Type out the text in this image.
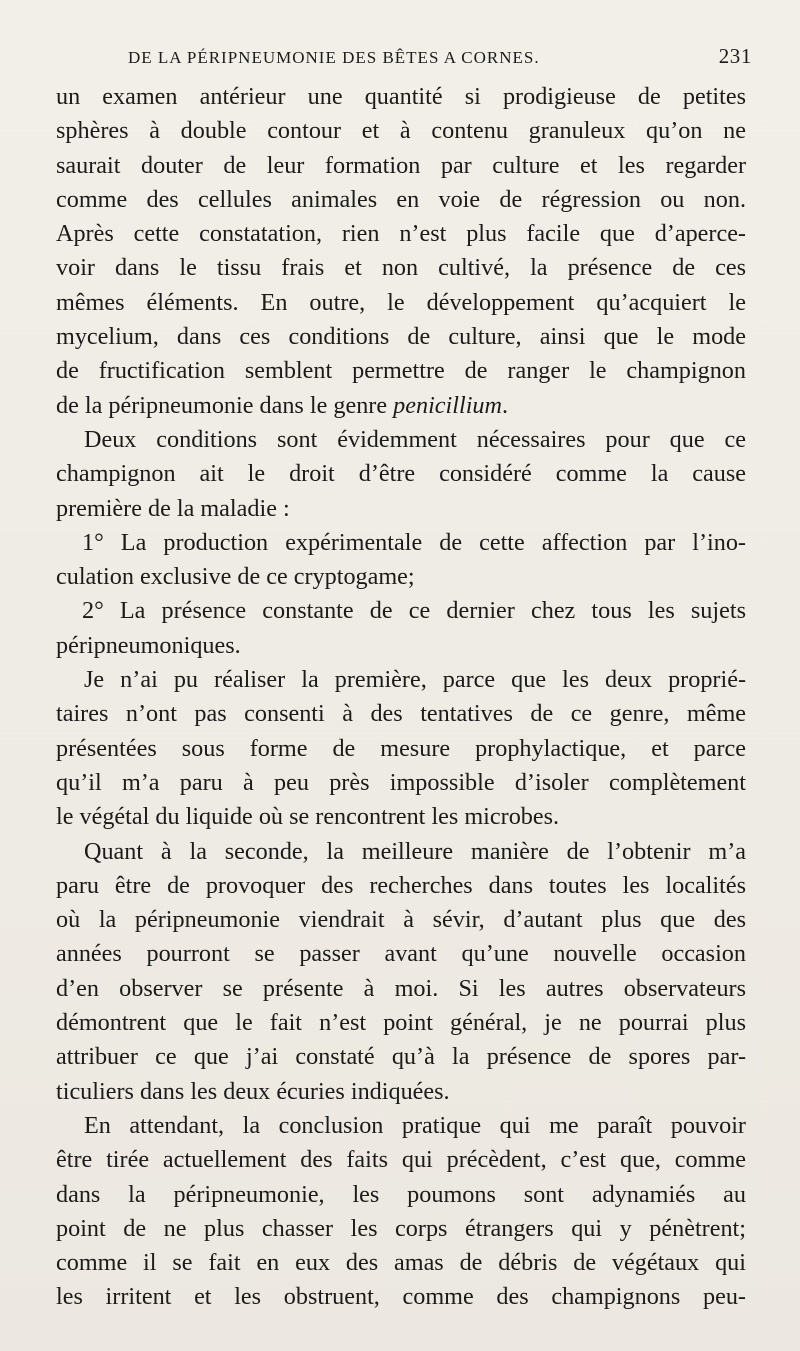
DE LA PÉRIPNEUMONIE DES BÊTES A CORNES.	231
un examen antérieur une quantité si prodigieuse de petites
sphères à double contour et à contenu granuleux qu’on ne
saurait douter de leur formation par culture et les regarder
comme des cellules animales en voie de régression ou non.
Après cette constatation, rien n’est plus facile que d’aperce-
voir dans le tissu frais et non cultivé, la présence de ces
mêmes éléments. En outre, le développement qu’acquiert le
mycelium, dans ces conditions de culture, ainsi que le mode
de fructification semblent permettre de ranger le champignon
de la péripneumonie dans le genre penicillium.
Deux conditions sont évidemment nécessaires pour que ce
champignon ait le droit d’être considéré comme la cause
première de la maladie :
1° La production expérimentale de cette affection par l’ino-
culation exclusive de ce cryptogame;
2° La présence constante de ce dernier chez tous les sujets
péripneumoniques.
Je n’ai pu réaliser la première, parce que les deux proprié-
taires n’ont pas consenti à des tentatives de ce genre, même
présentées sous forme de mesure prophylactique, et parce
qu’il m’a paru à peu près impossible d’isoler complètement
le végétal du liquide où se rencontrent les microbes.
Quant à la seconde, la meilleure manière de l’obtenir m’a
paru être de provoquer des recherches dans toutes les localités
où la péripneumonie viendrait à sévir, d’autant plus que des
années pourront se passer avant qu’une nouvelle occasion
d’en observer se présente à moi. Si les autres observateurs
démontrent que le fait n’est point général, je ne pourrai plus
attribuer ce que j’ai constaté qu’à la présence de spores par-
ticuliers dans les deux écuries indiquées.
En attendant, la conclusion pratique qui me paraît pouvoir
être tirée actuellement des faits qui précèdent, c’est que, comme
dans la péripneumonie, les poumons sont adynamiés au
point de ne plus chasser les corps étrangers qui y pénètrent;
comme il se fait en eux des amas de débris de végétaux qui
les irritent et les obstruent, comme des champignons peu-
